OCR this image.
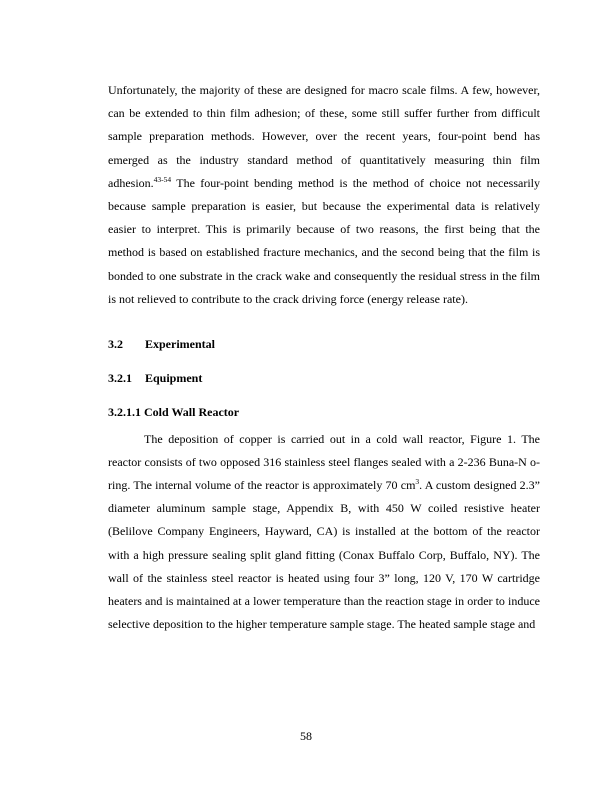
Unfortunately, the majority of these are designed for macro scale films. A few, however, can be extended to thin film adhesion; of these, some still suffer further from difficult sample preparation methods. However, over the recent years, four-point bend has emerged as the industry standard method of quantitatively measuring thin film adhesion.$^{43-54}$ The four-point bending method is the method of choice not necessarily because sample preparation is easier, but because the experimental data is relatively easier to interpret. This is primarily because of two reasons, the first being that the method is based on established fracture mechanics, and the second being that the film is bonded to one substrate in the crack wake and consequently the residual stress in the film is not relieved to contribute to the crack driving force (energy release rate).

3.2 Experimental

3.2.1 Equipment

3.2.1.1 Cold Wall Reactor

The deposition of copper is carried out in a cold wall reactor, Figure 1. The reactor consists of two opposed 316 stainless steel flanges sealed with a 2-236 Buna-N o-ring. The internal volume of the reactor is approximately 70 $cm^3$. A custom designed 2.3” diameter aluminum sample stage, Appendix B, with 450 W coiled resistive heater (Belilove Company Engineers, Hayward, CA) is installed at the bottom of the reactor with a high pressure sealing split gland fitting (Conax Buffalo Corp, Buffalo, NY). The wall of the stainless steel reactor is heated using four 3” long, 120 V, 170 W cartridge heaters and is maintained at a lower temperature than the reaction stage in order to induce selective deposition to the higher temperature sample stage. The heated sample stage and

58
